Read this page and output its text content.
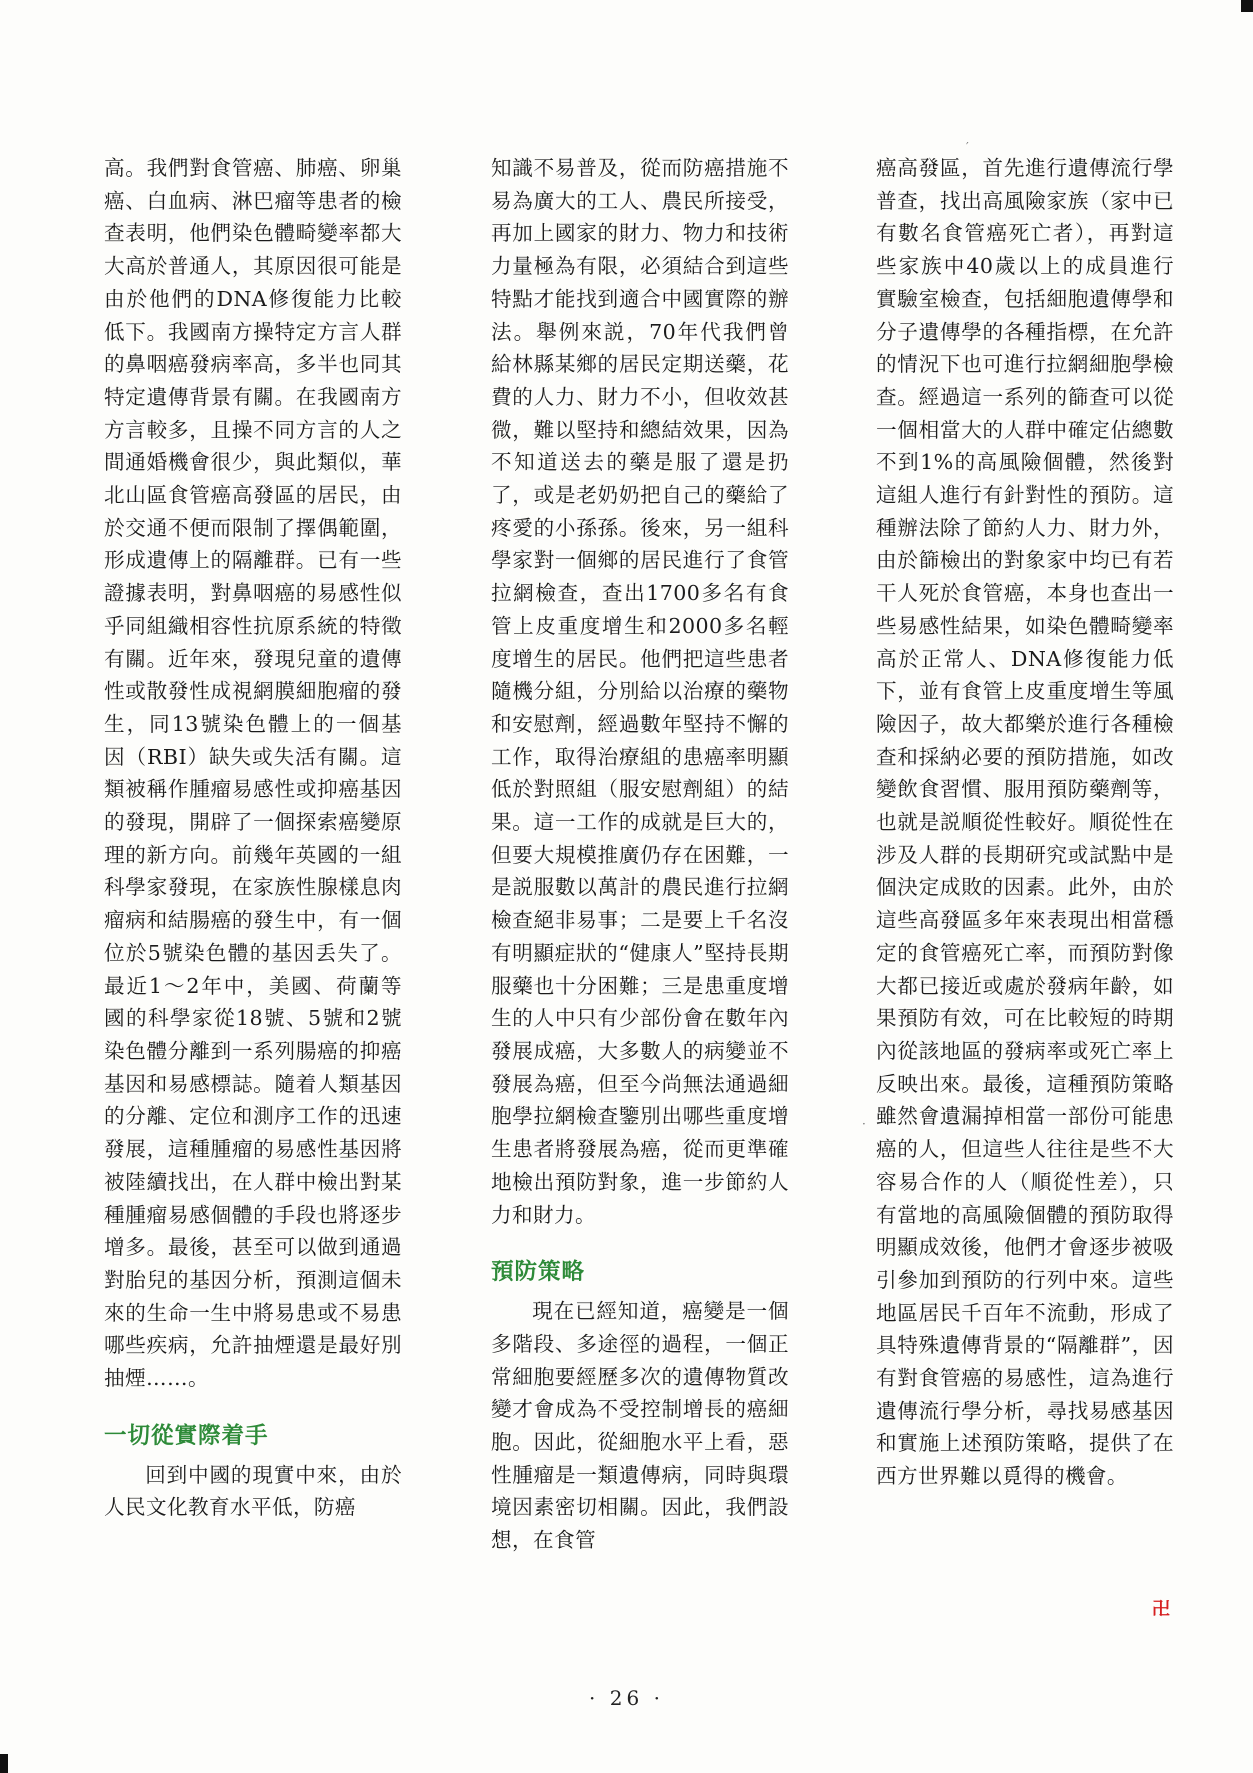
′
·

高。我們對食管癌、肺癌、卵巢癌、白血病、淋巴瘤等患者的檢查表明，他們染色體畸變率都大大高於普通人，其原因很可能是由於他們的DNA修復能力比較低下。我國南方操特定方言人群的鼻咽癌發病率高，多半也同其特定遺傳背景有關。在我國南方方言較多，且操不同方言的人之間通婚機會很少，與此類似，華北山區食管癌高發區的居民，由於交通不便而限制了擇偶範圍，形成遺傳上的隔離群。已有一些證據表明，對鼻咽癌的易感性似乎同組織相容性抗原系統的特徵有關。近年來，發現兒童的遺傳性或散發性成視網膜細胞瘤的發生，同13號染色體上的一個基因（RBI）缺失或失活有關。這類被稱作腫瘤易感性或抑癌基因的發現，開辟了一個探索癌變原理的新方向。前幾年英國的一組科學家發現，在家族性腺樣息肉瘤病和結腸癌的發生中，有一個位於5號染色體的基因丢失了。最近1～2年中，美國、荷蘭等國的科學家從18號、5號和2號染色體分離到一系列腸癌的抑癌基因和易感標誌。隨着人類基因的分離、定位和測序工作的迅速發展，這種腫瘤的易感性基因將被陸續找出，在人群中檢出對某種腫瘤易感個體的手段也將逐步增多。最後，甚至可以做到通過對胎兒的基因分析，預測這個未來的生命一生中將易患或不易患哪些疾病，允許抽煙還是最好別抽煙……。

一切從實際着手

回到中國的現實中來，由於人民文化教育水平低，防癌

知識不易普及，從而防癌措施不易為廣大的工人、農民所接受，再加上國家的財力、物力和技術力量極為有限，必須結合到這些特點才能找到適合中國實際的辦法。舉例來説，70年代我們曾給林縣某鄉的居民定期送藥，花費的人力、財力不小，但收效甚微，難以堅持和總結效果，因為不知道送去的藥是服了還是扔了，或是老奶奶把自己的藥給了疼愛的小孫孫。後來，另一組科學家對一個鄉的居民進行了食管拉網檢查，查出1700多名有食管上皮重度增生和2000多名輕度增生的居民。他們把這些患者隨機分組，分別給以治療的藥物和安慰劑，經過數年堅持不懈的工作，取得治療組的患癌率明顯低於對照組（服安慰劑組）的結果。這一工作的成就是巨大的，但要大規模推廣仍存在困難，一是説服數以萬計的農民進行拉網檢查絕非易事；二是要上千名沒有明顯症狀的“健康人”堅持長期服藥也十分困難；三是患重度增生的人中只有少部份會在數年內發展成癌，大多數人的病變並不發展為癌，但至今尚無法通過細胞學拉網檢查鑒別出哪些重度增生患者將發展為癌，從而更準確地檢出預防對象，進一步節約人力和財力。

預防策略

現在已經知道，癌變是一個多階段、多途徑的過程，一個正常細胞要經歷多次的遺傳物質改變才會成為不受控制增長的癌細胞。因此，從細胞水平上看，惡性腫瘤是一類遺傳病，同時與環境因素密切相關。因此，我們設想，在食管

癌高發區，首先進行遺傳流行學普查，找出高風險家族（家中已有數名食管癌死亡者），再對這些家族中40歲以上的成員進行實驗室檢查，包括細胞遺傳學和分子遺傳學的各種指標，在允許的情況下也可進行拉網細胞學檢查。經過這一系列的篩查可以從一個相當大的人群中確定佔總數不到1%的高風險個體，然後對這組人進行有針對性的預防。這種辦法除了節約人力、財力外，由於篩檢出的對象家中均已有若干人死於食管癌，本身也查出一些易感性結果，如染色體畸變率高於正常人、DNA修復能力低下，並有食管上皮重度增生等風險因子，故大都樂於進行各種檢查和採納必要的預防措施，如改變飲食習慣、服用預防藥劑等，也就是説順從性較好。順從性在涉及人群的長期研究或試點中是個決定成敗的因素。此外，由於這些高發區多年來表現出相當穩定的食管癌死亡率，而預防對像大都已接近或處於發病年齡，如果預防有效，可在比較短的時期內從該地區的發病率或死亡率上反映出來。最後，這種預防策略雖然會遺漏掉相當一部份可能患癌的人，但這些人往往是些不大容易合作的人（順從性差），只有當地的高風險個體的預防取得明顯成效後，他們才會逐步被吸引參加到預防的行列中來。這些地區居民千百年不流動，形成了具特殊遺傳背景的“隔離群”，因有對食管癌的易感性，這為進行遺傳流行學分析，尋找易感基因和實施上述預防策略，提供了在西方世界難以覓得的機會。

卍
· 26 ·
